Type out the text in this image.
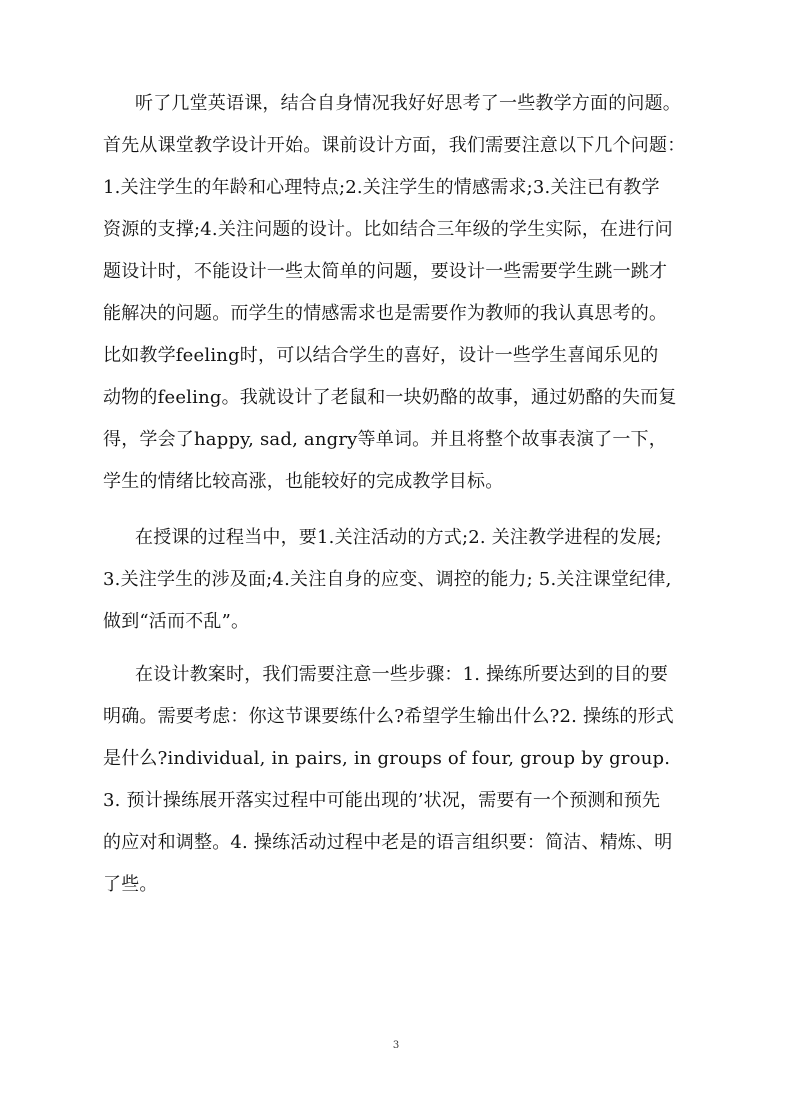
听了几堂英语课，结合自身情况我好好思考了一些教学方面的问题。
首先从课堂教学设计开始。课前设计方面，我们需要注意以下几个问题：
1.关注学生的年龄和心理特点;2.关注学生的情感需求;3.关注已有教学
资源的支撑;4.关注问题的设计。比如结合三年级的学生实际，在进行问
题设计时，不能设计一些太简单的问题，要设计一些需要学生跳一跳才
能解决的问题。而学生的情感需求也是需要作为教师的我认真思考的。
比如教学feeling时，可以结合学生的喜好，设计一些学生喜闻乐见的
动物的feeling。我就设计了老鼠和一块奶酪的故事，通过奶酪的失而复
得，学会了happy, sad, angry等单词。并且将整个故事表演了一下，
学生的情绪比较高涨，也能较好的完成教学目标。
在授课的过程当中，要1.关注活动的方式;2. 关注教学进程的发展;
3.关注学生的涉及面;4.关注自身的应变、调控的能力; 5.关注课堂纪律,
做到“活而不乱”。
在设计教案时，我们需要注意一些步骤：1. 操练所要达到的目的要
明确。需要考虑：你这节课要练什么?希望学生输出什么?2. 操练的形式
是什么?individual, in pairs, in groups of four, group by group.
3. 预计操练展开落实过程中可能出现的’状况，需要有一个预测和预先
的应对和调整。4. 操练活动过程中老是的语言组织要：简洁、精炼、明
了些。
3
